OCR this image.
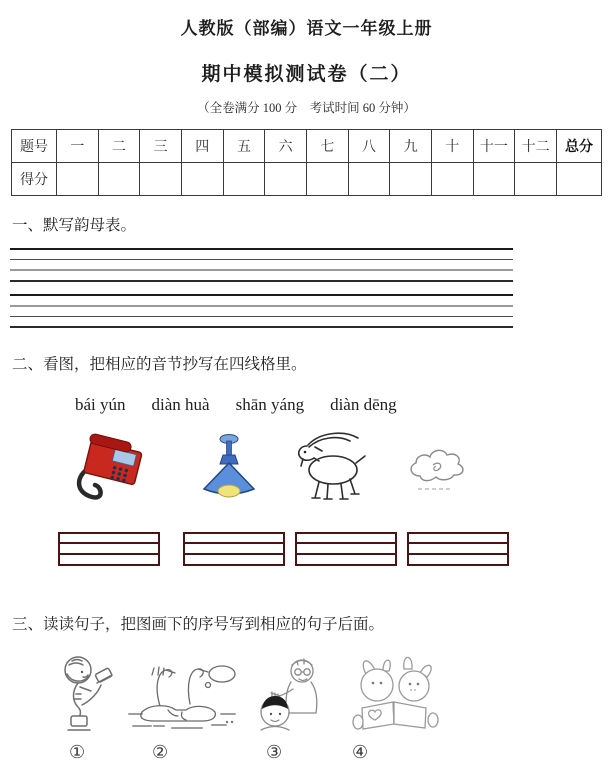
人教版（部编）语文一年级上册
期中模拟测试卷（二）
（全卷满分 100 分　考试时间 60 分钟）
题号	一	二	三	四	五	六	七	八	九	十	十一	十二	总分
得分													
一、默写韵母表。
二、看图，把相应的音节抄写在四线格里。
bái yún diàn huà shān yáng diàn dēng
三、读读句子，把图画下的序号写到相应的句子后面。
①	②	③	④
